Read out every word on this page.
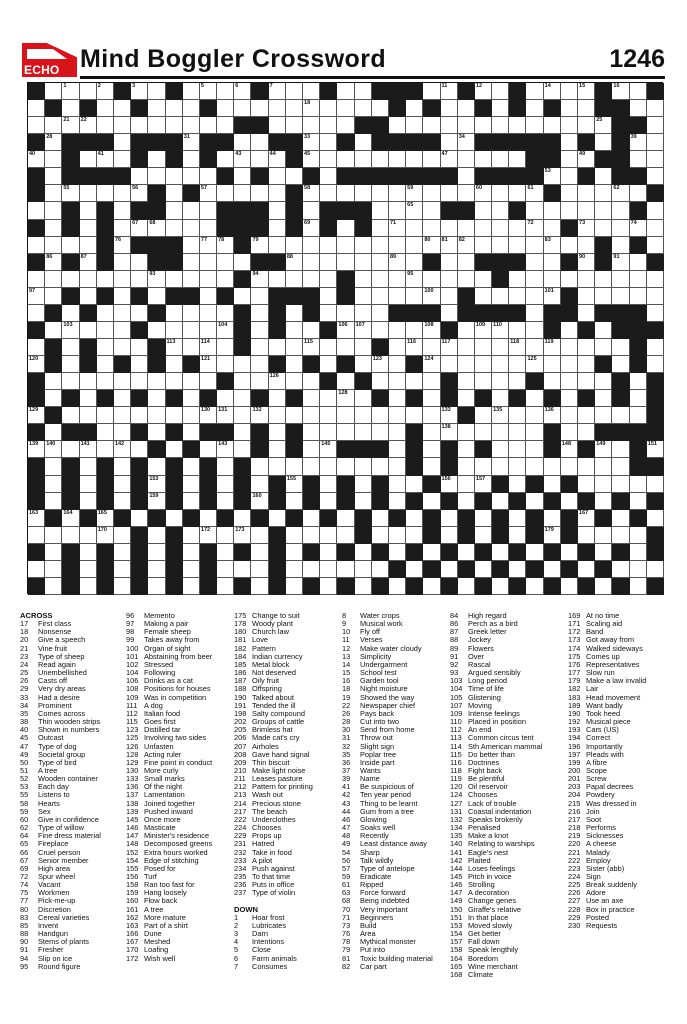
ECHO Mind Boggler Crossword	1246
1	2	3	5	6	7	11	12	14	15	16
18
21 22	25
28	31	33	34	39
40	41	43	44	45	47	49
53
55	56	57	58	59	60	61	62
65
67 68	69	71	72	73	74
76	77 78	79	80 81 82	83
86	87	88	89	90	91
93	94	95
97	100	101
103	104	106 107	108	109 110
113	114	115	116	117	118	119
120	121	123	124	125
126
128
129	130 131	132	133	135	136
138
139 140	141	142	143	145	148	149	151
153	155	156	157
159	160
163	164	165	167
170	172	173	179
ACROSS
17 First class
18 Nonsense
20 Give a speech
21 Vine fruit
23 Type of sheep
24 Read again
25 Unembellished
26 Casts off
29 Very dry areas
33 Had a desire
34 Prominent
35 Comes across
38 Thin wooden strips
40 Shown in numbers
45 Outcast
47 Type of dog
49 Societal group
50 Type of bird
51 A tree
52 Wooden container
53 Each day
55 Listens to
58 Hearts
59 Sex
60 Give in confidence
62 Type of willow
64 Fine dress material
65 Fireplace
66 Cruel person
67 Senior member
69 High area
72 Spur wheel
74 Vacant
75 Workmen
77 Pick-me-up
80 Discretion
83 Cereal varieties
85 Invent
88 Handgun
90 Stems of plants
91 Fresher
94 Slip on ice
95 Round figure
96 Memento
97 Making a pair
98 Female sheep
99 Takes away from
100 Organ of sight
101 Abstaining from beer
102 Stressed
104 Following
106 Drinks as a cat
108 Positions for houses
109 Was in competition
111 A dog
112 Italian food
115 Goes first
123 Distilled tar
125 Involving two sides
126 Unfasten
128 Acting ruler
129 Fine point in conduct
130 More curly
133 Small marks
136 Of the night
137 Lamentation
138 Joined together
139 Pushed inward
145 Once more
146 Masticate
147 Minister's residence
148 Decomposed greens
152 Extra hours worked
154 Edge of stitching
155 Posed for
156 Turf
158 Ran too fast for
159 Hang loosely
160 Flow back
161 A tree
162 More mature
163 Part of a shirt
166 Dune
167 Meshed
170 Loafing
172 Wish well
175 Change to suit
178 Woody plant
180 Church law
181 Love
182 Pattern
184 Indian currency
185 Metal block
186 Not deserved
187 Oily fruit
188 Offspring
190 Talked about
191 Tended the ill
198 Salty compound
202 Groups of cattle
205 Brimless hat
206 Made cat's cry
207 Airholes
208 Gave hand signal
209 Thin biscuit
210 Make light noise
211 Leases pasture
212 Pattern for printing
213 Wash out
214 Precious stone
217 The beach
222 Underclothes
224 Chooses
229 Props up
231 Hatred
232 Take in food
233 A pilot
234 Push against
235 To that time
236 Puts in office
237 Type of violin
DOWN
1 Hoar frost
2 Lubricates
3 Darn
4 Intentions
5 Close
6 Farm animals
7 Consumes
8 Water crops
9 Musical work
10 Fly off
11 Verses
12 Make water cloudy
13 Simplicity
14 Undergarment
15 School test
16 Garden tool
18 Night moisture
19 Showed the way
22 Newspaper chief
26 Pays back
28 Cut into two
30 Send from home
31 Throw out
32 Slight sign
35 Poplar tree
36 Inside part
37 Wants
39 Name
41 Be suspicious of
42 Ten year period
43 Thing to be learnt
44 Gum from a tree
46 Glowing
47 Soaks well
48 Recently
49 Least distance away
54 Sharp
56 Talk wildly
57 Type of antelope
59 Eradicate
61 Ripped
63 Force forward
68 Being indebted
70 Very important
71 Beginners
73 Build
76 Area
78 Mythical monster
79 Put into
81 Toxic building material
82 Car part
84 High regard
86 Perch as a bird
87 Greek letter
88 Jockey
89 Flowers
91 Over
92 Rascal
93 Argued sensibly
103 Long period
104 Time of life
105 Glistening
107 Moving
109 Intense feelings
110 Placed in position
112 An end
113 Common circus tent
114 Sth American mammal
115 Do better than
116 Doctrines
118 Fight back
119 Be plentiful
120 Oil reservoir
124 Chooses
127 Lack of trouble
131 Coastal indentation
132 Speaks brokenly
134 Penalised
135 Make a knot
140 Relating to warships
141 Eagle's nest
142 Plaited
144 Loses feelings
145 Pitch in voice
146 Strolling
147 A decoration
149 Change genes
150 Giraffe's relative
151 In that place
153 Moved slowly
154 Get better
157 Fall down
158 Speak lengthily
164 Boredom
165 Wine merchant
168 Climate
169 At no time
171 Scaling aid
172 Band
173 Got away from
174 Walked sideways
175 Comes up
176 Representatives
177 Slow run
179 Make a law invalid
182 Lair
183 Head movement
189 Want badly
190 Took heed
192 Musical piece
193 Cars (US)
194 Correct
196 Importantly
197 Pleads with
199 A fibre
200 Scope
201 Screw
203 Papal decrees
204 Powdery
215 Was dressed in
216 Join
217 Soot
218 Performs
219 Sicknesses
220 A cheese
221 Malady
222 Employ
223 Sister (abb)
224 Sign
225 Break suddenly
226 Adore
227 Use an axe
228 Box in practice
229 Posted
230 Requests
